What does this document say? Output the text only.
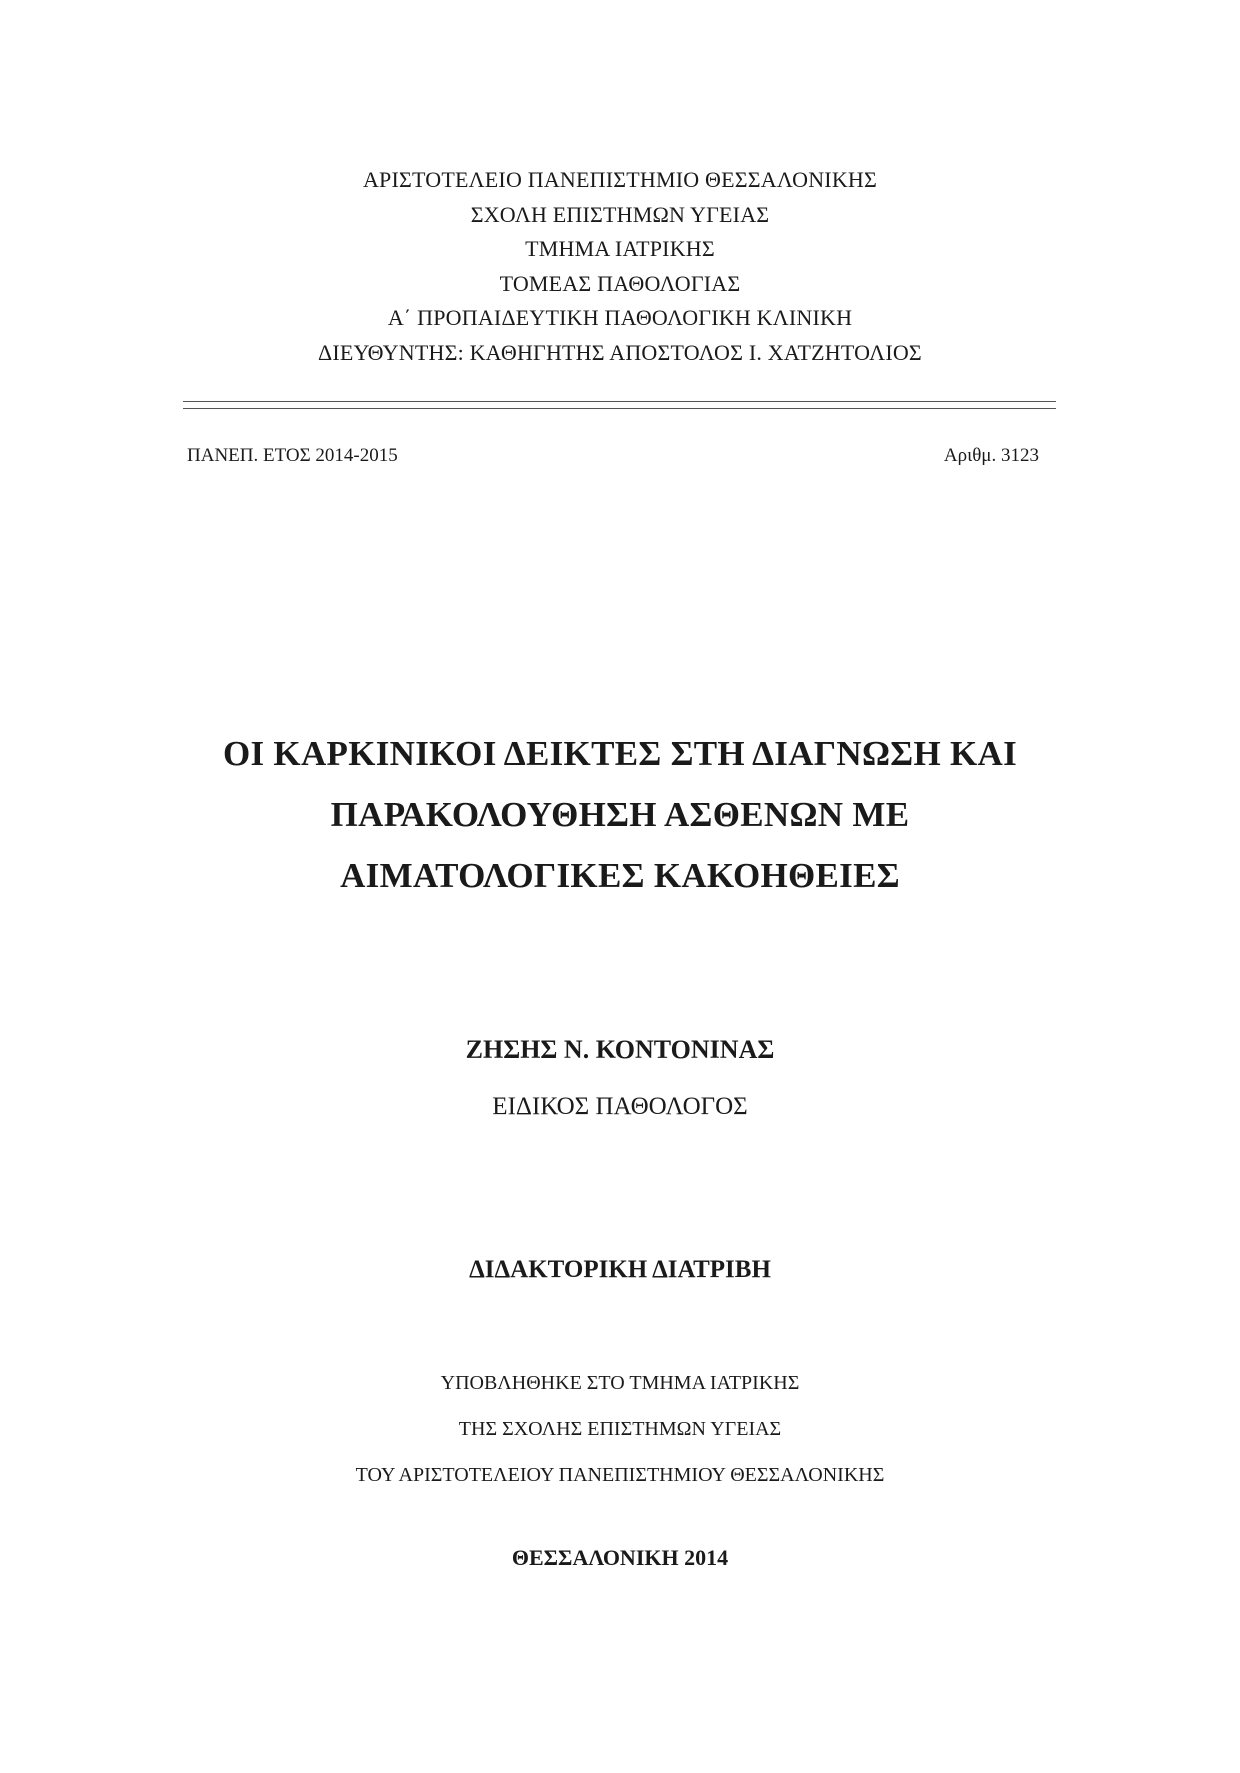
ΑΡΙΣΤΟΤΕΛΕΙΟ ΠΑΝΕΠΙΣΤΗΜΙΟ ΘΕΣΣΑΛΟΝΙΚΗΣ
ΣΧΟΛΗ ΕΠΙΣΤΗΜΩΝ ΥΓΕΙΑΣ
ΤΜΗΜΑ ΙΑΤΡΙΚΗΣ
ΤΟΜΕΑΣ ΠΑΘΟΛΟΓΙΑΣ
Α΄ ΠΡΟΠΑΙΔΕΥΤΙΚΗ ΠΑΘΟΛΟΓΙΚΗ ΚΛΙΝΙΚΗ
ΔΙΕΥΘΥΝΤΗΣ: ΚΑΘΗΓΗΤΗΣ ΑΠΟΣΤΟΛΟΣ Ι. ΧΑΤΖΗΤΟΛΙΟΣ
ΠΑΝΕΠ. ΕΤΟΣ 2014-2015	Αριθμ. 3123
ΟΙ ΚΑΡΚΙΝΙΚΟΙ ΔΕΙΚΤΕΣ ΣΤΗ ΔΙΑΓΝΩΣΗ ΚΑΙ
ΠΑΡΑΚΟΛΟΥΘΗΣΗ ΑΣΘΕΝΩΝ ΜΕ
ΑΙΜΑΤΟΛΟΓΙΚΕΣ ΚΑΚΟΗΘΕΙΕΣ
ΖΗΣΗΣ Ν. ΚΟΝΤΟΝΙΝΑΣ
ΕΙΔΙΚΟΣ ΠΑΘΟΛΟΓΟΣ
ΔΙΔΑΚΤΟΡΙΚΗ ΔΙΑΤΡΙΒΗ
ΥΠΟΒΛΗΘΗΚΕ ΣΤΟ ΤΜΗΜΑ ΙΑΤΡΙΚΗΣ
ΤΗΣ ΣΧΟΛΗΣ ΕΠΙΣΤΗΜΩΝ ΥΓΕΙΑΣ
ΤΟΥ ΑΡΙΣΤΟΤΕΛΕΙΟΥ ΠΑΝΕΠΙΣΤΗΜΙΟΥ ΘΕΣΣΑΛΟΝΙΚΗΣ
ΘΕΣΣΑΛΟΝΙΚΗ 2014
